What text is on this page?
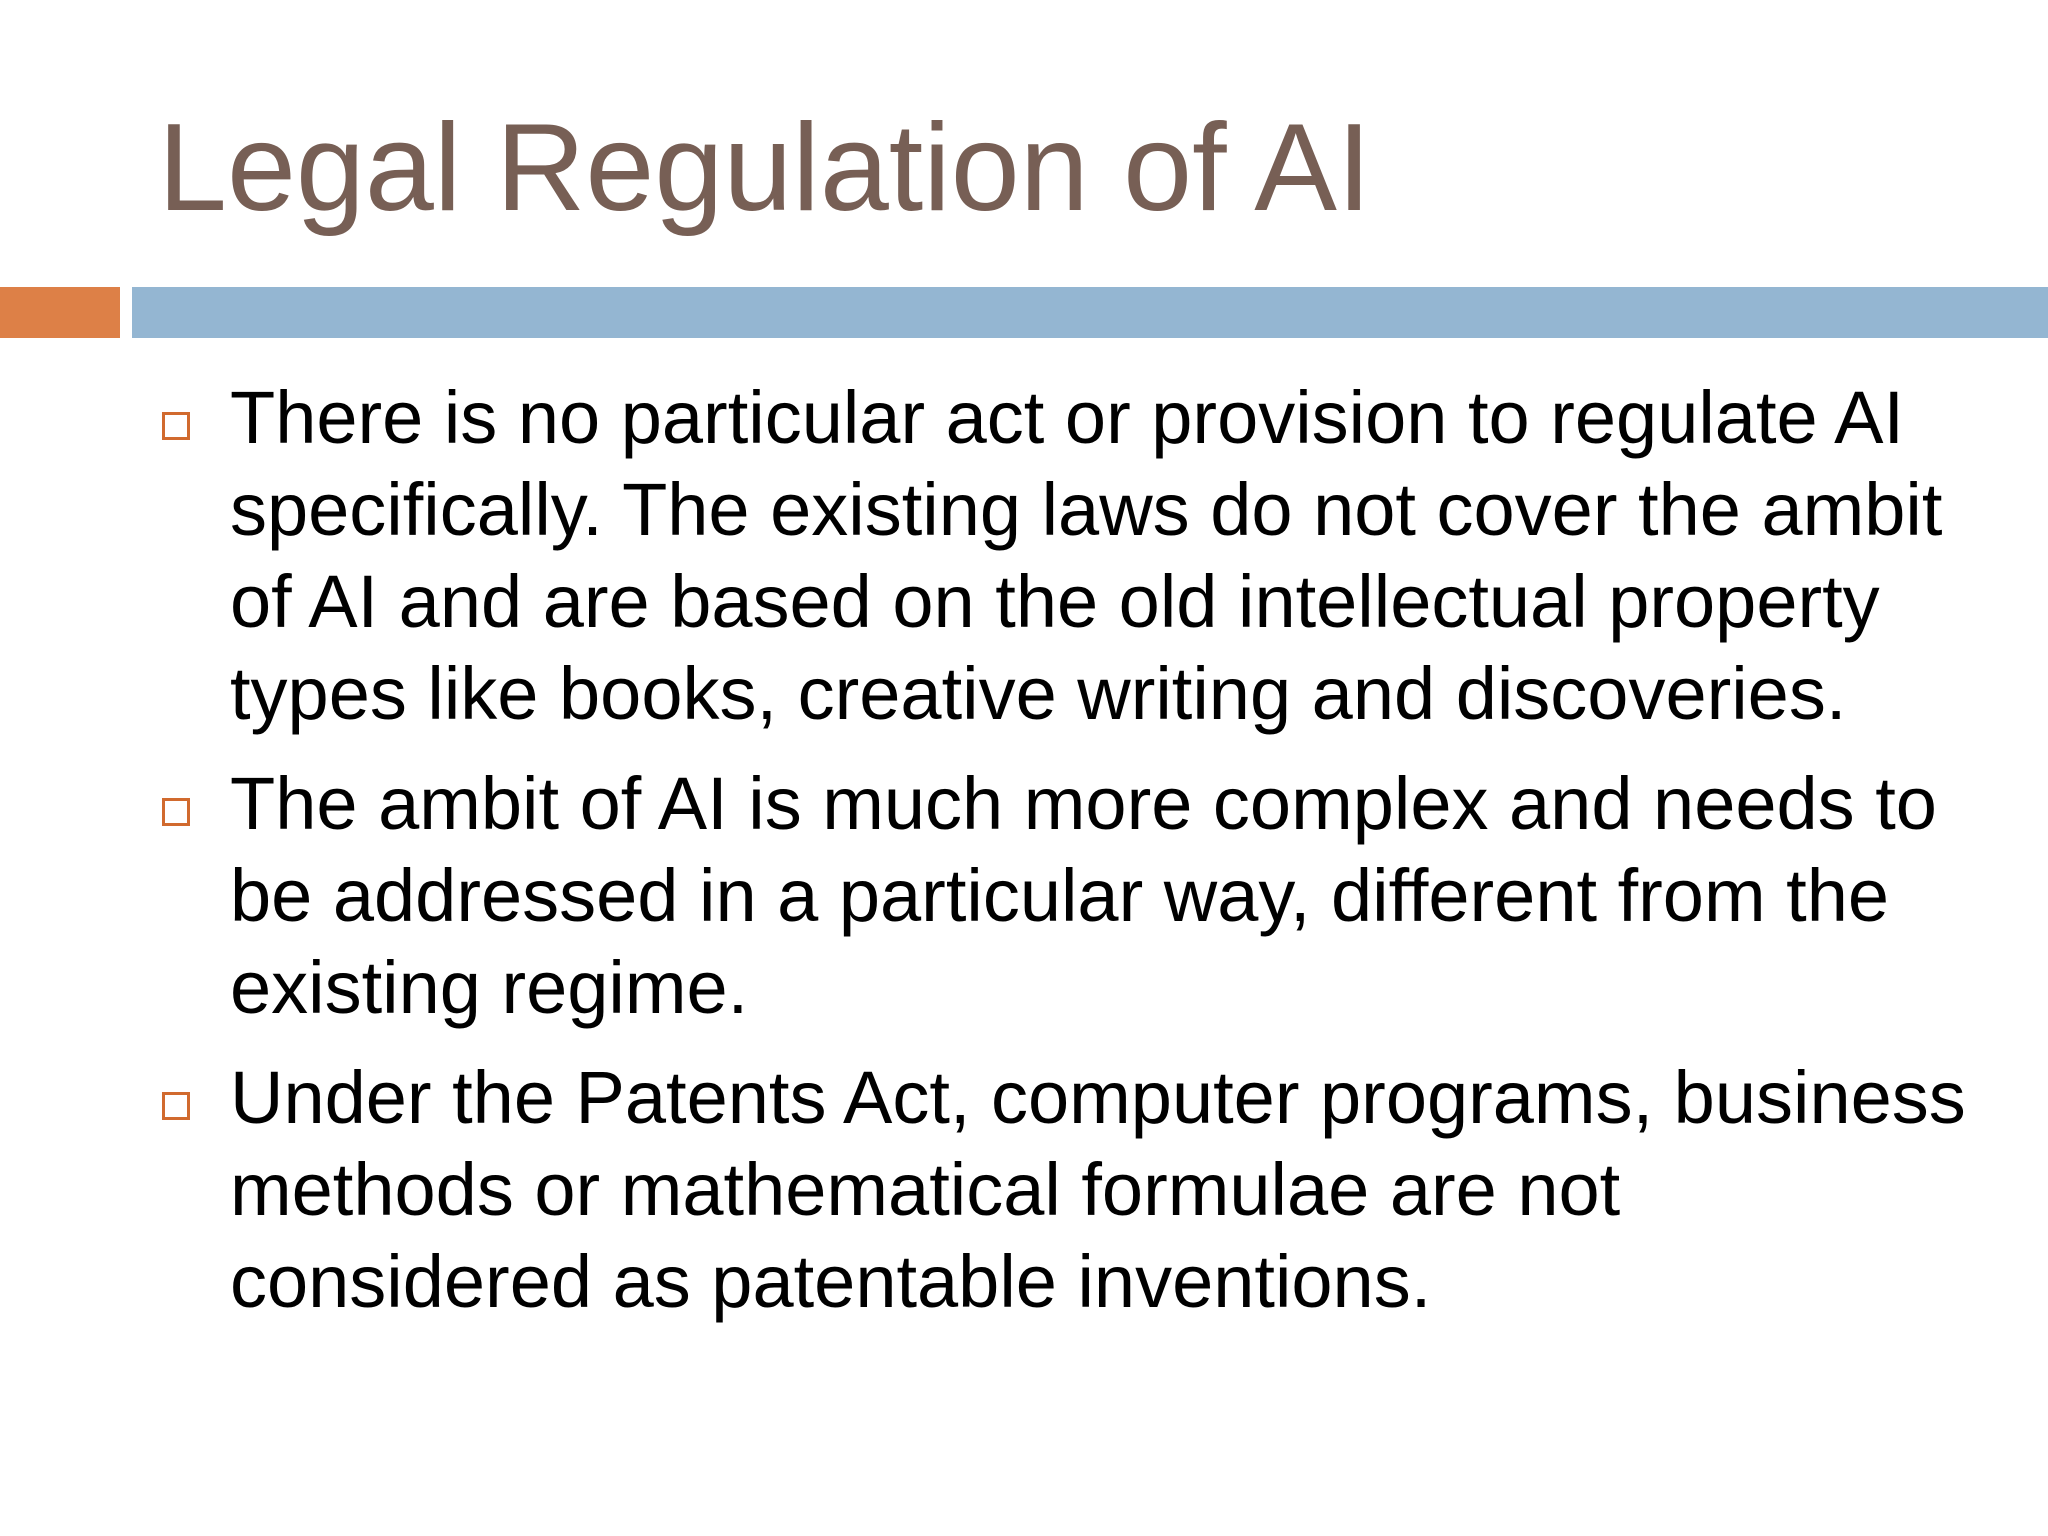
Legal Regulation of AI
There is no particular act or provision to regulate AI specifically. The existing laws do not cover the ambit of AI and are based on the old intellectual property types like books, creative writing and discoveries.
The ambit of AI is much more complex and needs to be addressed in a particular way, different from the existing regime.
Under the Patents Act, computer programs, business methods or mathematical formulae are not considered as patentable inventions.
